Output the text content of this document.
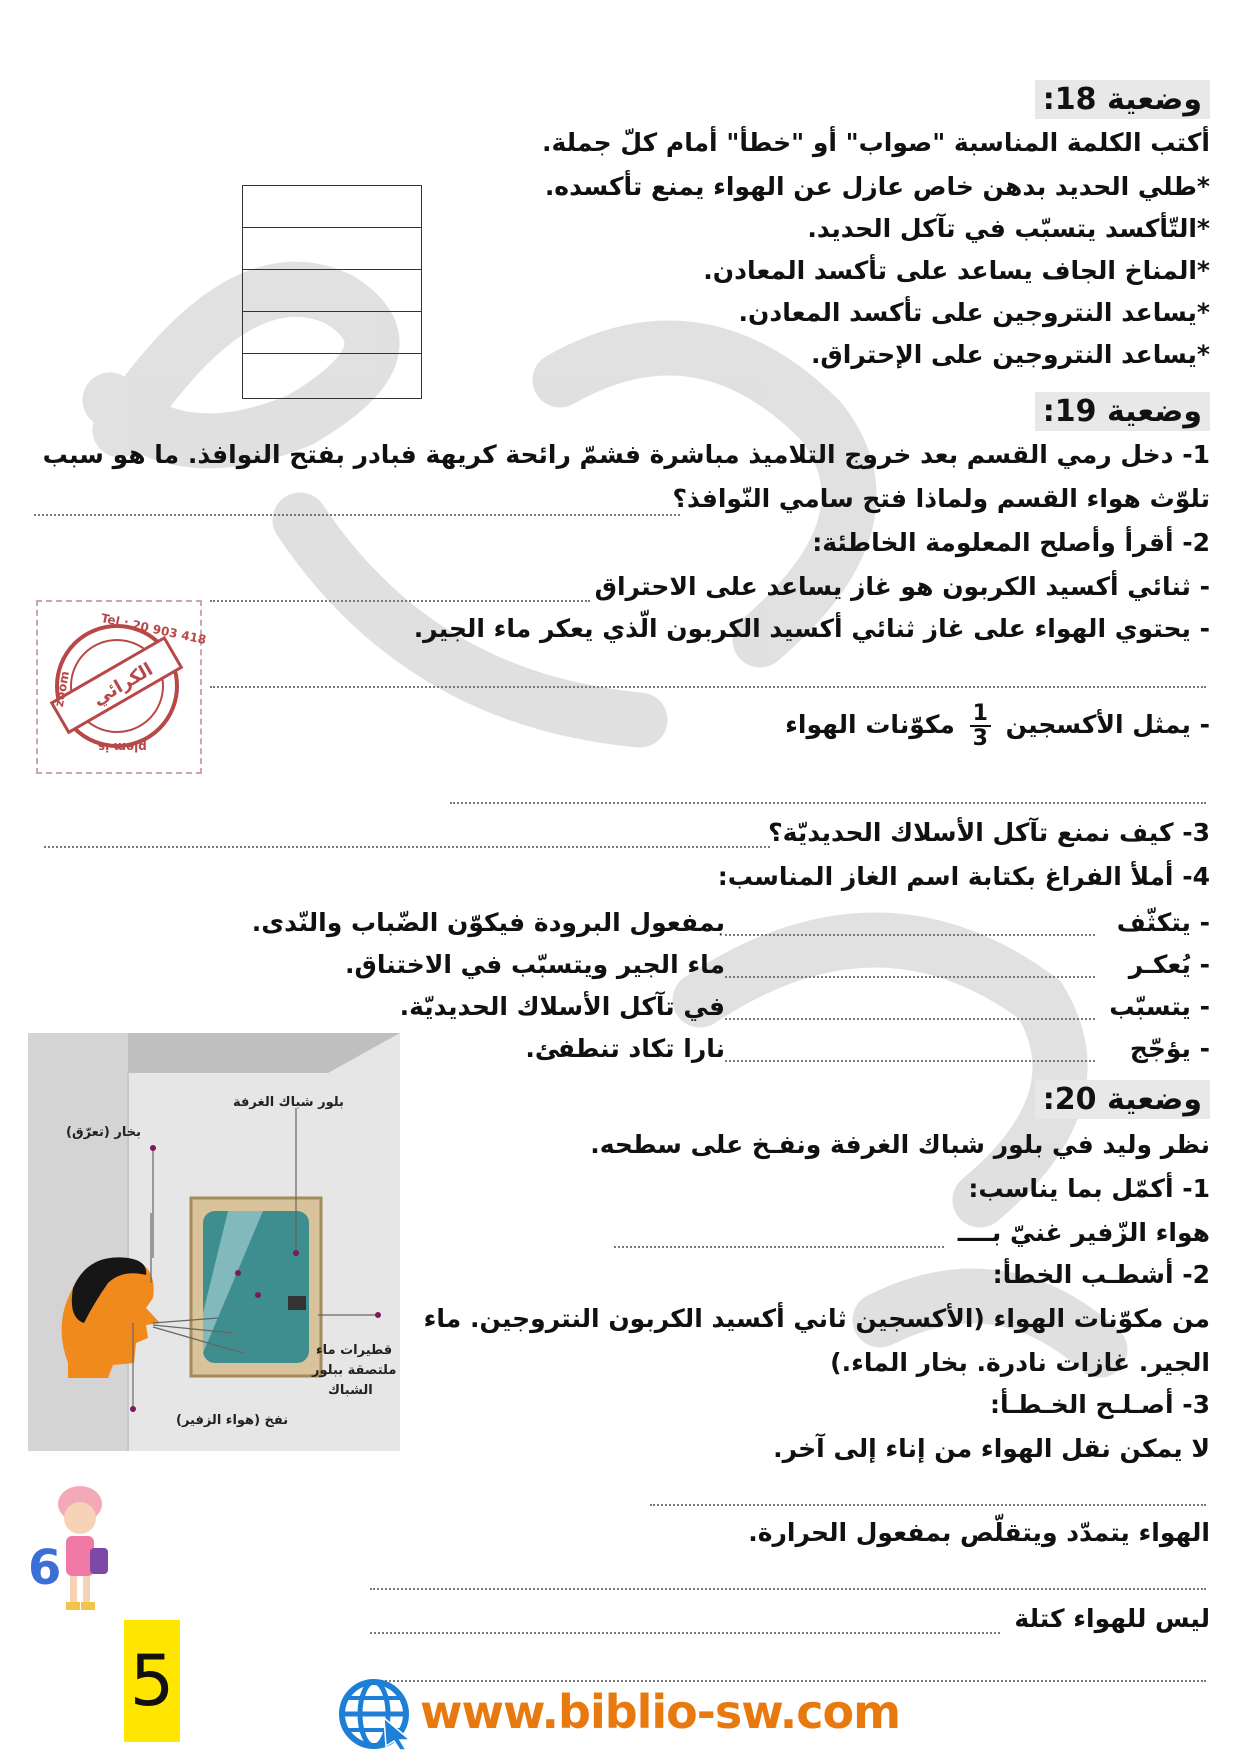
وضعية 18:
أكتب الكلمة المناسبة "صواب" أو "خطأ" أمام كلّ جملة.
*طلي الحديد بدهن خاص عازل عن الهواء يمنع تأكسده.
*التّأكسد يتسبّب في تآكل الحديد.
*المناخ الجاف يساعد على تأكسد المعادن.
*يساعد النتروجين على تأكسد المعادن.
*يساعد النتروجين على الإحتراق.
وضعية 19:
1- دخل رمي القسم بعد خروج التلاميذ مباشرة فشمّ رائحة كريهة فبادر بفتح النوافذ. ما هو سبب
تلوّث هواء القسم ولماذا فتح سامي النّوافذ؟
2- أقرأ وأصلح المعلومة الخاطئة:
- ثنائي أكسيد الكربون هو غاز يساعد على الاحتراق
- يحتوي الهواء على غاز ثنائي أكسيد الكربون الّذي يعكر ماء الجير.
- يمثل الأكسجين
$\frac{1}{3}$
مكوّنات الهواء
3- كيف نمنع تآكل الأسلاك الحديديّة؟
4- أملأ الفراغ بكتابة اسم الغاز المناسب:
- يتكثّف
بمفعول البرودة فيكوّن الضّباب والنّدى.
- يُعكـر
ماء الجير ويتسبّب في الاختناق.
- يتسبّب
في تآكل الأسلاك الحديديّة.
- يؤجّج
نارا تكاد تنطفئ.
Tel : 20 903 418
الكرائي
zoom
plem is
وضعية 20:
نظر وليد في بلور شباك الغرفة ونفـخ على سطحه.
1- أكمّل بما يناسب:
هواء الزّفير غنيّ بــــ
2- أشطـب الخطأ:
من مكوّنات الهواء (الأكسجين ثاني أكسيد الكربون النتروجين. ماء
الجير. غازات نادرة. بخار الماء.)
3- أصـلـح الخـطـأ:
لا يمكن نقل الهواء من إناء إلى آخر.
الهواء يتمدّد ويتقلّص بمفعول الحرارة.
ليس للهواء كتلة
بلور شباك الغرفة
بخار (تعرّق)
قطيرات ماء
ملتصقة ببلور
الشباك
نفخ (هواء الزفير)
6
5	www.biblio-sw.com
